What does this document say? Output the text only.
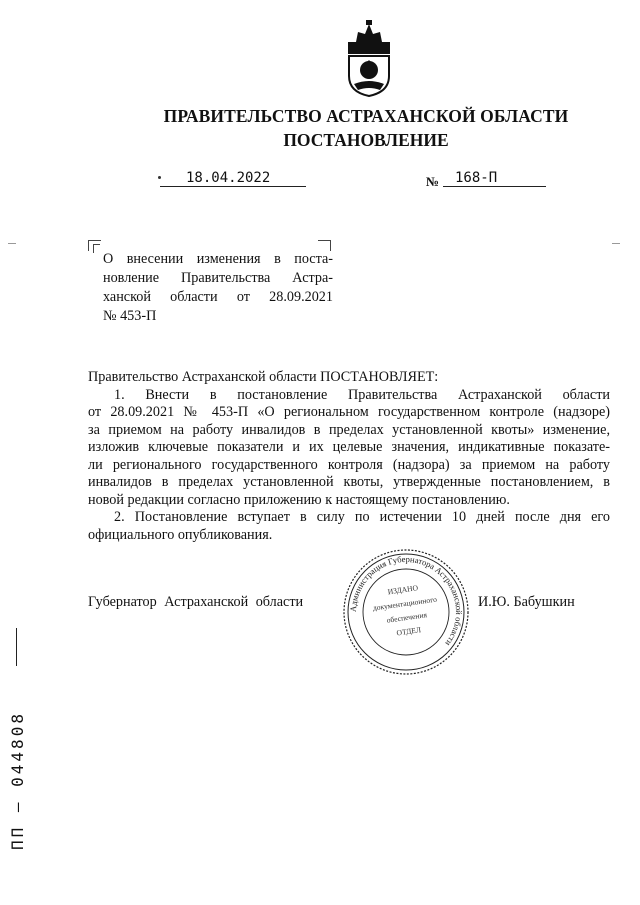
ПРАВИТЕЛЬСТВО АСТРАХАНСКОЙ ОБЛАСТИ
ПОСТАНОВЛЕНИЕ
18.04.2022	№ 168-П
О внесении изменения в поста-
новление Правительства Астра-
ханской области от 28.09.2021
№ 453-П
Правительство Астраханской области ПОСТАНОВЛЯЕТ:
1. Внести в постановление Правительства Астраханской области
от 28.09.2021 № 453-П «О региональном государственном контроле (надзоре)
за приемом на работу инвалидов в пределах установленной квоты» изменение,
изложив ключевые показатели и их целевые значения, индикативные показате-
ли регионального государственного контроля (надзора) за приемом на работу
инвалидов в пределах установленной квоты, утвержденные постановлением, в
новой редакции согласно приложению к настоящему постановлению.
2. Постановление вступает в силу по истечении 10 дней после дня его
официального опубликования.
Губернатор Астраханской области	И.Ю. Бабушкин
Администрация Губернатора Астраханской области
ИЗДАНО
документационного
обеспечения
ОТДЕЛ
ПП – 044808
